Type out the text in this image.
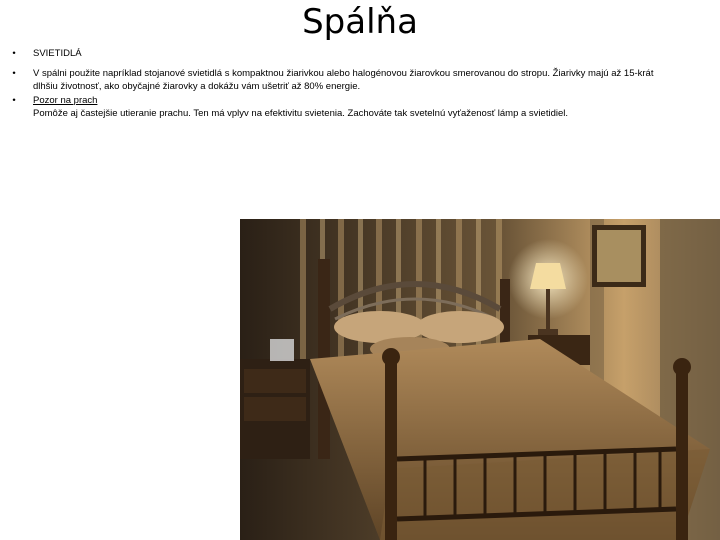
Spálňa
•	SVIETIDLÁ
•	V spálni použite napríklad stojanové svietidlá s kompaktnou žiarivkou alebo halogénovou žiarovkou smerovanou do stropu. Žiarivky majú až 15-krát
dlhšiu životnosť, ako obyčajné žiarovky a dokážu vám ušetriť až 80% energie.
•	Pozor na prach
Pomôže aj častejšie utieranie prachu. Ten má vplyv na efektivitu svietenia. Zachováte tak svetelnú vyťaženosť lámp a svietidiel.
